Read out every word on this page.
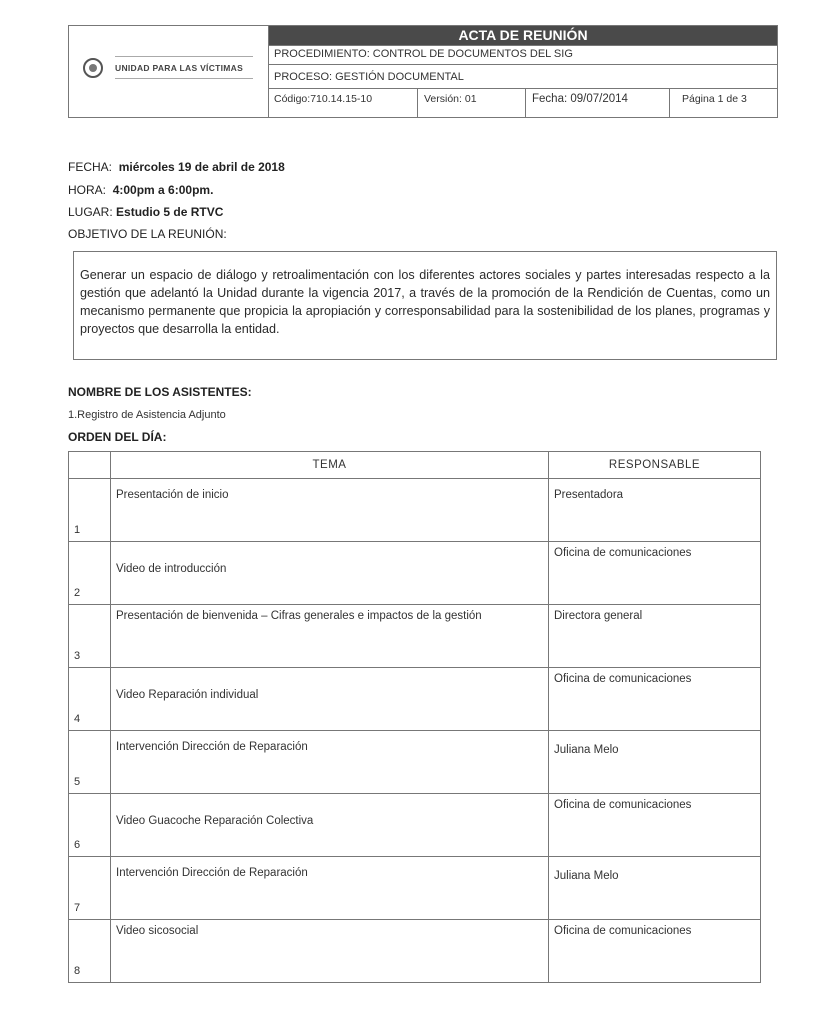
UNIDAD PARA LAS VÍCTIMAS
ACTA DE REUNIÓN
PROCEDIMIENTO: CONTROL DE DOCUMENTOS DEL SIG
PROCESO: GESTIÓN DOCUMENTAL
Código:710.14.15-10	Versión: 01	Fecha: 09/07/2014	Página 1 de 3
FECHA: miércoles 19 de abril de 2018
HORA: 4:00pm a 6:00pm.
LUGAR: Estudio 5 de RTVC
OBJETIVO DE LA REUNIÓN:

Generar un espacio de diálogo y retroalimentación con los diferentes actores sociales y partes interesadas respecto a la gestión que adelantó la Unidad durante la vigencia 2017, a través de la promoción de la Rendición de Cuentas, como un mecanismo permanente que propicia la apropiación y corresponsabilidad para la sostenibilidad de los planes, programas y proyectos que desarrolla la entidad.

NOMBRE DE LOS ASISTENTES:
1.Registro de Asistencia Adjunto
ORDEN DEL DÍA:
	TEMA	RESPONSABLE
1	Presentación de inicio	Presentadora
2	Video de introducción	Oficina de comunicaciones
3	Presentación de bienvenida – Cifras generales e impactos de la gestión	Directora general
4	Video Reparación individual	Oficina de comunicaciones
5	Intervención Dirección de Reparación	Juliana Melo
6	Video Guacoche Reparación Colectiva	Oficina de comunicaciones
7	Intervención Dirección de Reparación	Juliana Melo
8	Video sicosocial	Oficina de comunicaciones
